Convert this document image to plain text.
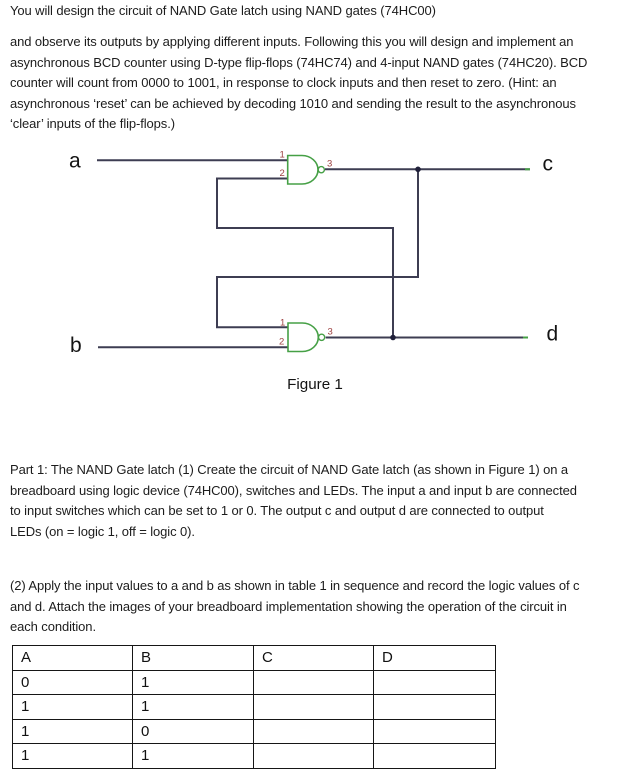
You will design the circuit of NAND Gate latch using NAND gates (74HC00)
and observe its outputs by applying different inputs. Following this you will design and implement an
asynchronous BCD counter using D-type flip-flops (74HC74) and 4-input NAND gates (74HC20). BCD
counter will count from 0000 to 1001, in response to clock inputs and then reset to zero. (Hint: an
asynchronous ‘reset’ can be achieved by decoding 1010 and sending the result to the asynchronous
‘clear’ inputs of the flip-flops.)
1
2
3
1
2
3
a
b
c
d
Figure 1
Part 1: The NAND Gate latch (1) Create the circuit of NAND Gate latch (as shown in Figure 1) on a
breadboard using logic device (74HC00), switches and LEDs. The input a and input b are connected
to input switches which can be set to 1 or 0. The output c and output d are connected to output
LEDs (on = logic 1, off = logic 0).
(2) Apply the input values to a and b as shown in table 1 in sequence and record the logic values of c
and d. Attach the images of your breadboard implementation showing the operation of the circuit in
each condition.
A	B	C	D
0	1		
1	1		
1	0		
1	1		
